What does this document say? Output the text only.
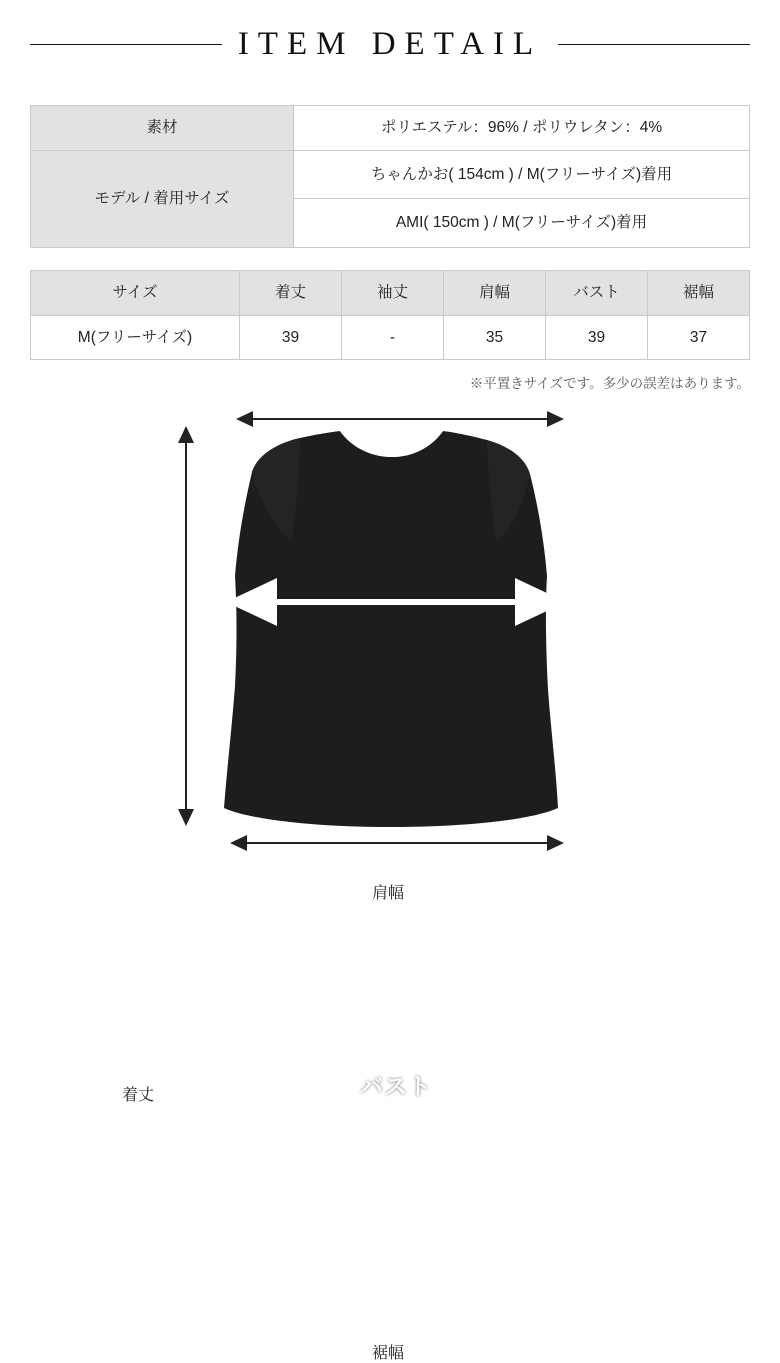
ITEM DETAIL
素材	ポリエステル：96% / ポリウレタン：4%
モデル / 着用サイズ	ちゃんかお( 154cm ) / M(フリーサイズ)着用
	AMI( 150cm ) / M(フリーサイズ)着用
サイズ	着丈	袖丈	肩幅	バスト	裾幅
M(フリーサイズ)	39	-	35	39	37
※平置きサイズです。多少の誤差はあります。
肩幅
着丈
裾幅
バスト
